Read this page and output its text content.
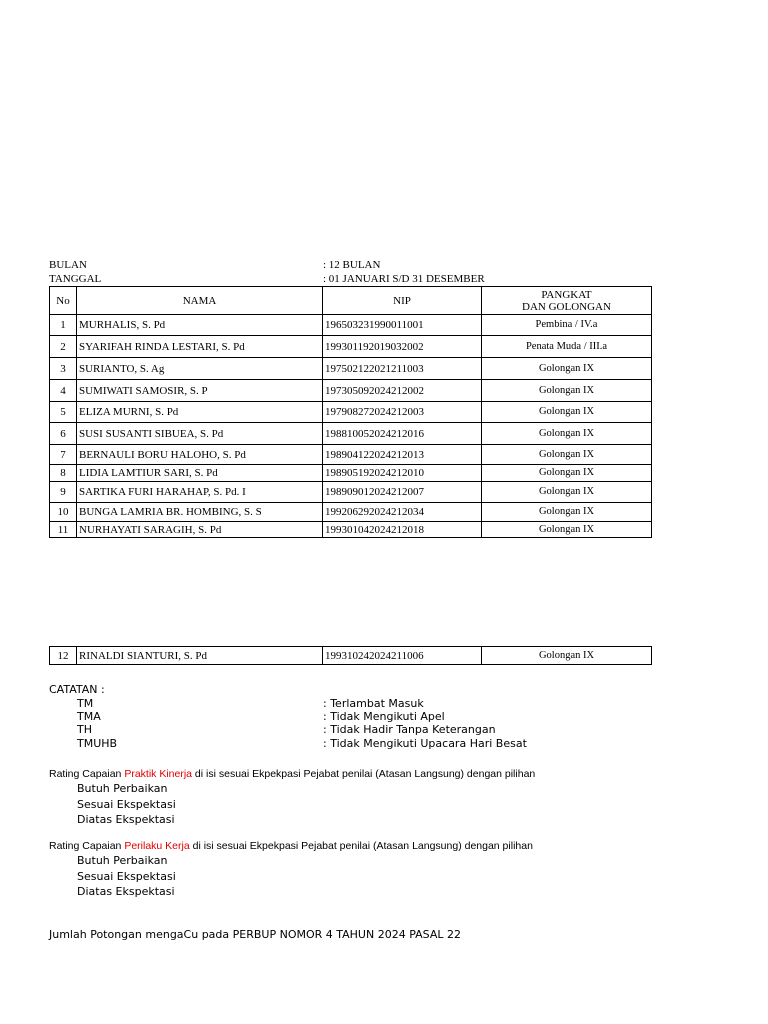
BULAN	: 12 BULAN
TANGGAL	: 01 JANUARI S/D 31 DESEMBER
No	NAMA	NIP	PANGKAT
DAN GOLONGAN

1	MURHALIS, S. Pd	196503231990011001	Pembina / IV.a
2	SYARIFAH RINDA LESTARI, S. Pd	199301192019032002	Penata Muda / III.a
3	SURIANTO, S. Ag	197502122021211003	Golongan IX
4	SUMIWATI SAMOSIR, S. P	197305092024212002	Golongan IX
5	ELIZA MURNI, S. Pd	197908272024212003	Golongan IX
6	SUSI SUSANTI SIBUEA, S. Pd	198810052024212016	Golongan IX
7	BERNAULI BORU HALOHO, S. Pd	198904122024212013	Golongan IX
8	LIDIA LAMTIUR SARI, S. Pd	198905192024212010	Golongan IX
9	SARTIKA FURI HARAHAP, S. Pd. I	198909012024212007	Golongan IX
10	BUNGA LAMRIA BR. HOMBING, S. S	199206292024212034	Golongan IX
11	NURHAYATI SARAGIH, S. Pd	199301042024212018	Golongan IX
12	RINALDI SIANTURI, S. Pd	199310242024211006	Golongan IX
CATATAN :
TM	: Terlambat Masuk
TMA	: Tidak Mengikuti Apel
TH	: Tidak Hadir Tanpa Keterangan
TMUHB	: Tidak Mengikuti Upacara Hari Besat
Rating Capaian Praktik Kinerja di isi sesuai Ekpekpasi Pejabat penilai (Atasan Langsung) dengan pilihan
Butuh Perbaikan
Sesuai Ekspektasi
Diatas Ekspektasi
Rating Capaian Perilaku Kerja di isi sesuai Ekpekpasi Pejabat penilai (Atasan Langsung) dengan pilihan
Butuh Perbaikan
Sesuai Ekspektasi
Diatas Ekspektasi
Jumlah Potongan mengaCu pada PERBUP NOMOR 4 TAHUN 2024 PASAL 22
